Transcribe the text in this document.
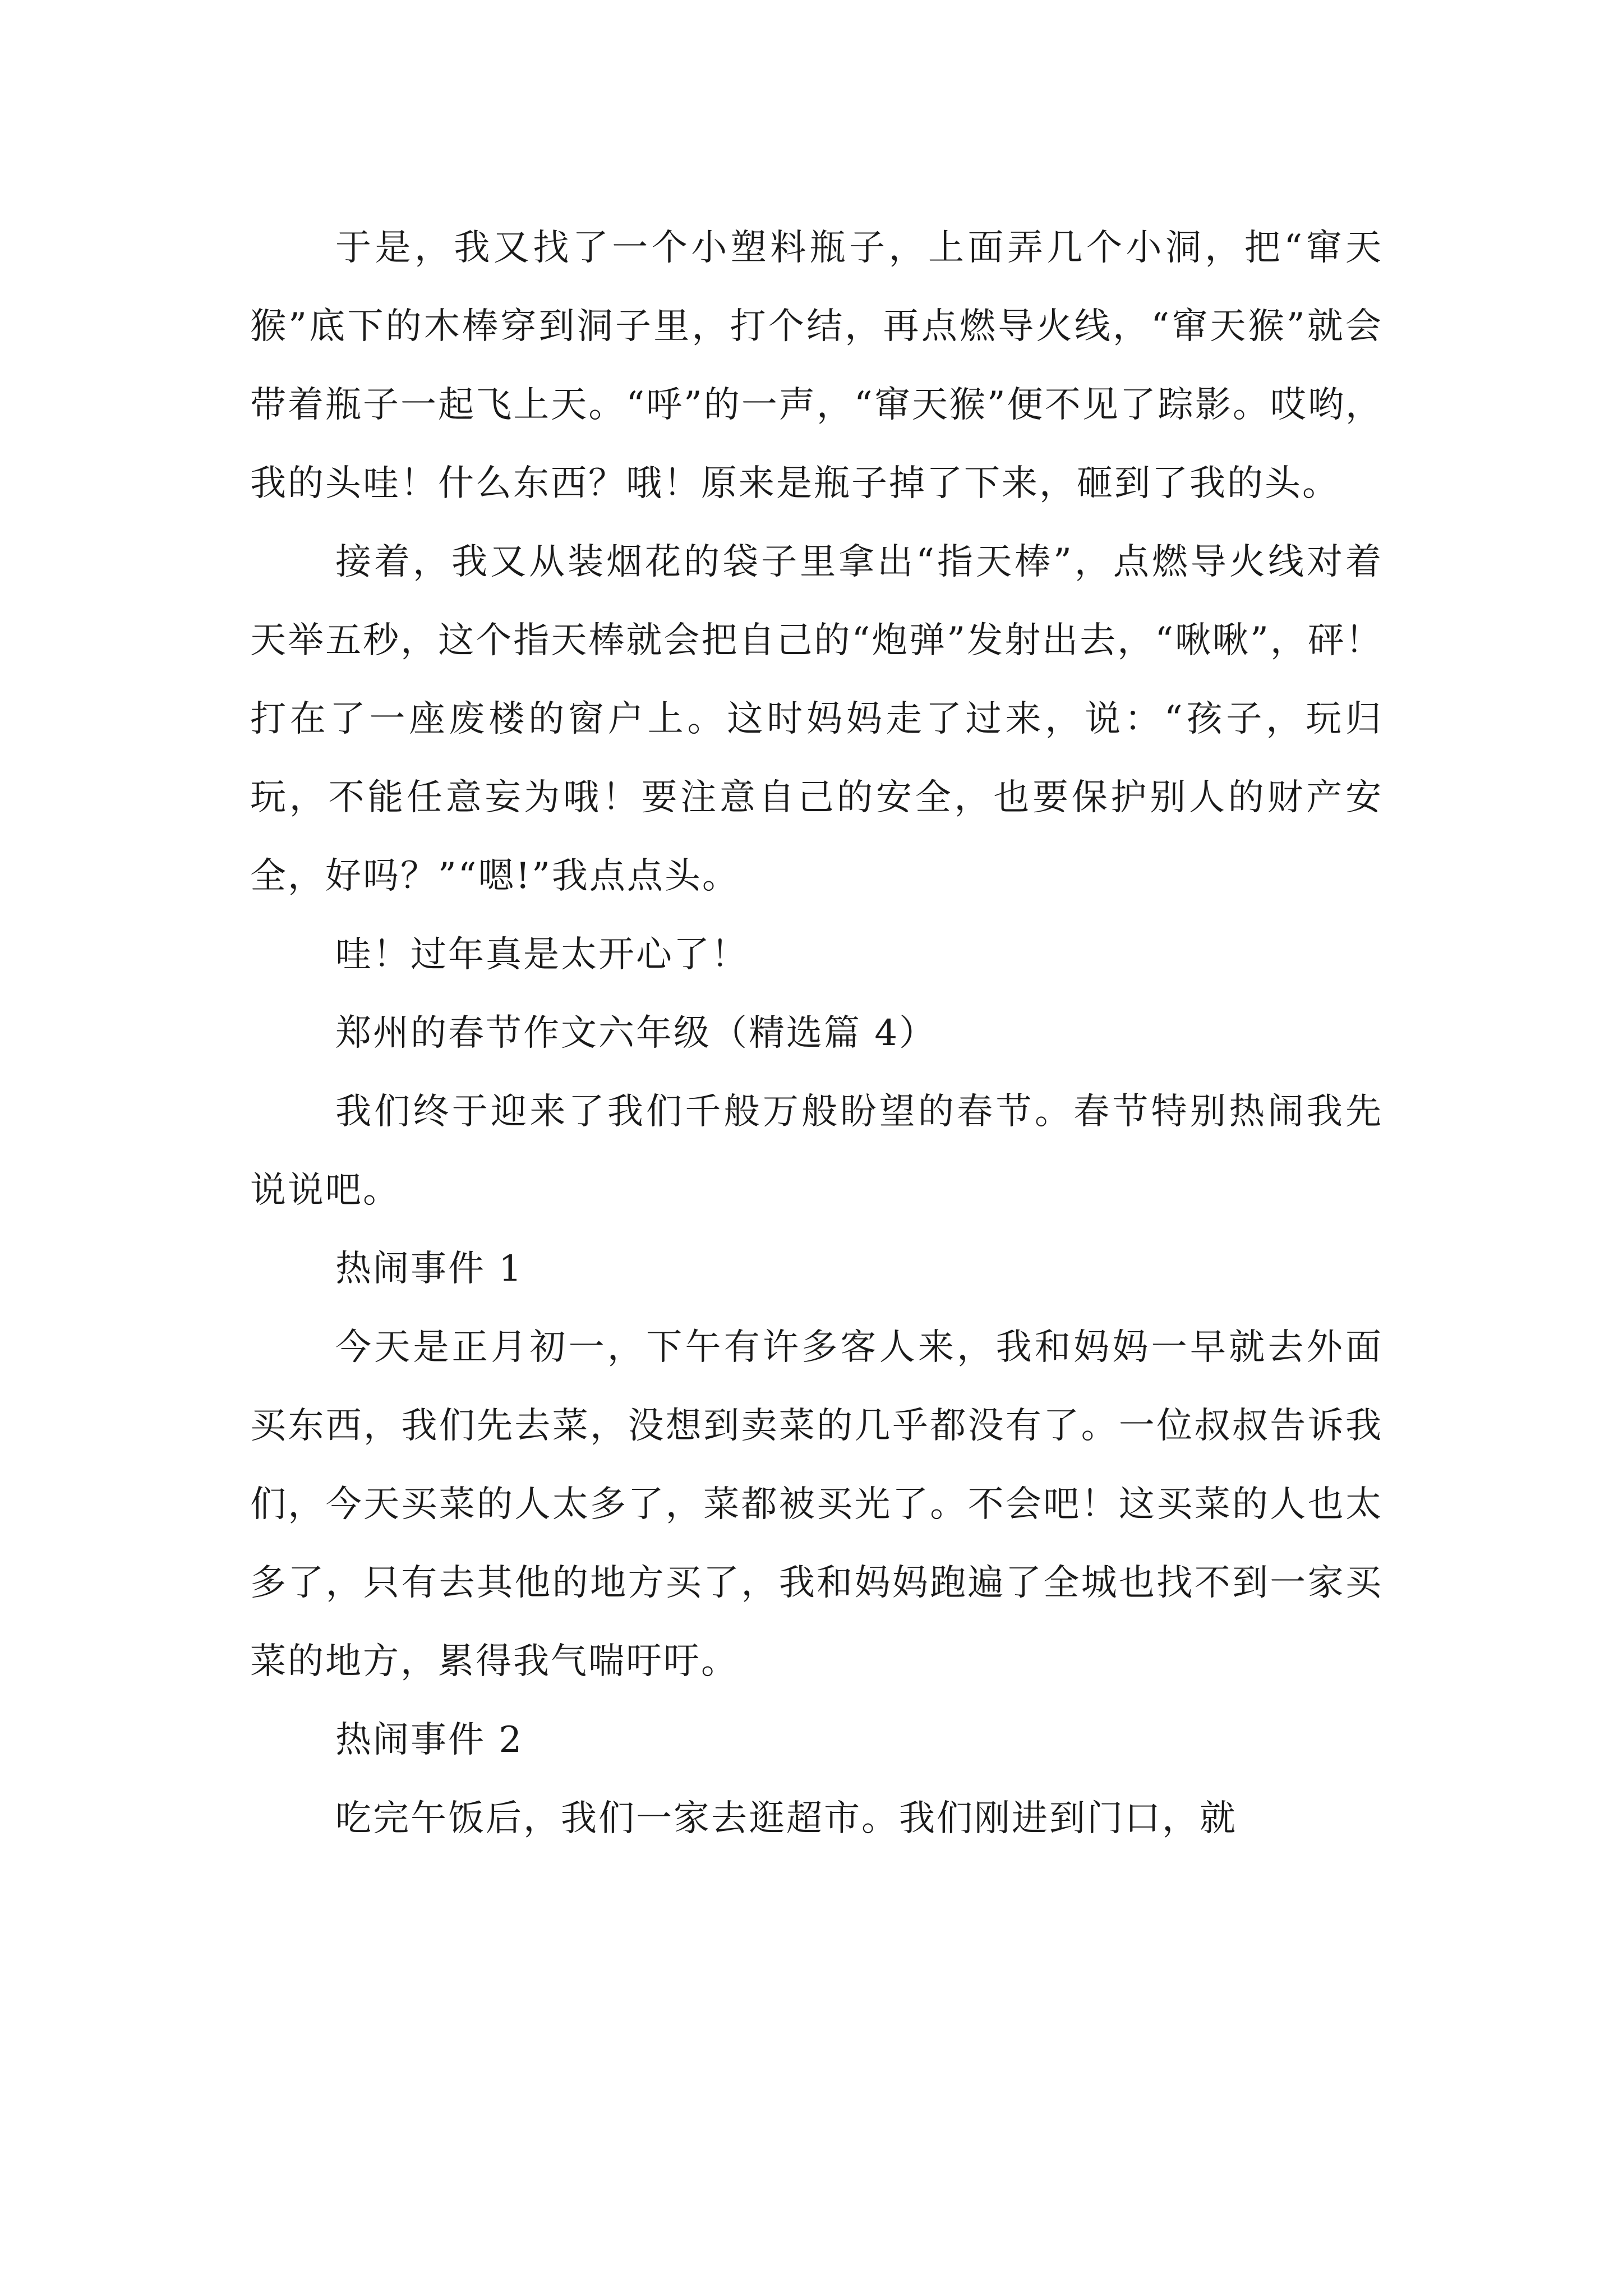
于是，我又找了一个小塑料瓶子，上面弄几个小洞，把“窜天猴”底下的木棒穿到洞子里，打个结，再点燃导火线，“窜天猴”就会带着瓶子一起飞上天。“呼”的一声，“窜天猴”便不见了踪影。哎哟，我的头哇！什么东西？哦！原来是瓶子掉了下来，砸到了我的头。

接着，我又从装烟花的袋子里拿出“指天棒”，点燃导火线对着天举五秒，这个指天棒就会把自己的“炮弹”发射出去，“啾啾”，砰！打在了一座废楼的窗户上。这时妈妈走了过来，说：“孩子，玩归玩，不能任意妄为哦！要注意自己的安全，也要保护别人的财产安全，好吗？”“嗯!”我点点头。

哇！过年真是太开心了！

郑州的春节作文六年级（精选篇 4）

我们终于迎来了我们千般万般盼望的春节。春节特别热闹我先说说吧。

热闹事件 1

今天是正月初一，下午有许多客人来，我和妈妈一早就去外面买东西，我们先去菜，没想到卖菜的几乎都没有了。一位叔叔告诉我们，今天买菜的人太多了，菜都被买光了。不会吧！这买菜的人也太多了，只有去其他的地方买了，我和妈妈跑遍了全城也找不到一家买菜的地方，累得我气喘吁吁。

热闹事件 2

吃完午饭后，我们一家去逛超市。我们刚进到门口，就
